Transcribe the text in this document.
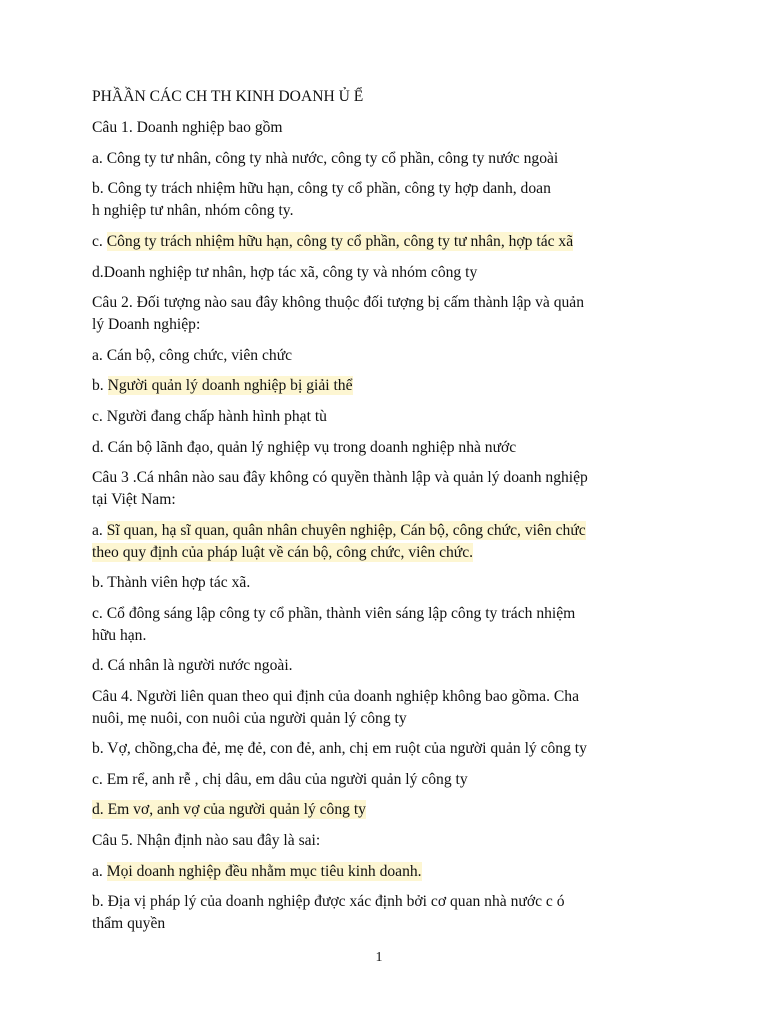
PHẦẦN CÁC CH TH KINH DOANH Ủ Ể
Câu 1. Doanh nghiệp bao gồm
a. Công ty tư nhân, công ty nhà nước, công ty cổ phần, công ty nước ngoài
b. Công ty trách nhiệm hữu hạn, công ty cổ phần, công ty hợp danh, doan
h nghiệp tư nhân, nhóm công ty.
c. Công ty trách nhiệm hữu hạn, công ty cổ phần, công ty tư nhân, hợp tác xã
d.Doanh nghiệp tư nhân, hợp tác xã, công ty và nhóm công ty
Câu 2. Đối tượng nào sau đây không thuộc đối tượng bị cấm thành lập và quản
lý Doanh nghiệp:
a. Cán bộ, công chức, viên chức
b. Người quản lý doanh nghiệp bị giải thể
c. Người đang chấp hành hình phạt tù
d. Cán bộ lãnh đạo, quản lý nghiệp vụ trong doanh nghiệp nhà nước
Câu 3 .Cá nhân nào sau đây không có quyền thành lập và quản lý doanh nghiệp
tại Việt Nam:
a. Sĩ quan, hạ sĩ quan, quân nhân chuyên nghiệp, Cán bộ, công chức, viên chức
theo quy định của pháp luật về cán bộ, công chức, viên chức.
b. Thành viên hợp tác xã.
c. Cổ đông sáng lập công ty cổ phần, thành viên sáng lập công ty trách nhiệm
hữu hạn.
d. Cá nhân là người nước ngoài.
Câu 4. Người liên quan theo qui định của doanh nghiệp không bao gồma. Cha
nuôi, mẹ nuôi, con nuôi của người quản lý công ty
b. Vợ, chồng,cha đẻ, mẹ đẻ, con đẻ, anh, chị em ruột của người quản lý công ty
c. Em rể, anh rễ , chị dâu, em dâu của người quản lý công ty
d. Em vơ, anh vợ của người quản lý công ty
Câu 5. Nhận định nào sau đây là sai:
a. Mọi doanh nghiệp đều nhằm mục tiêu kinh doanh.
b. Địa vị pháp lý của doanh nghiệp được xác định bởi cơ quan nhà nước c ó
thẩm quyền
1
